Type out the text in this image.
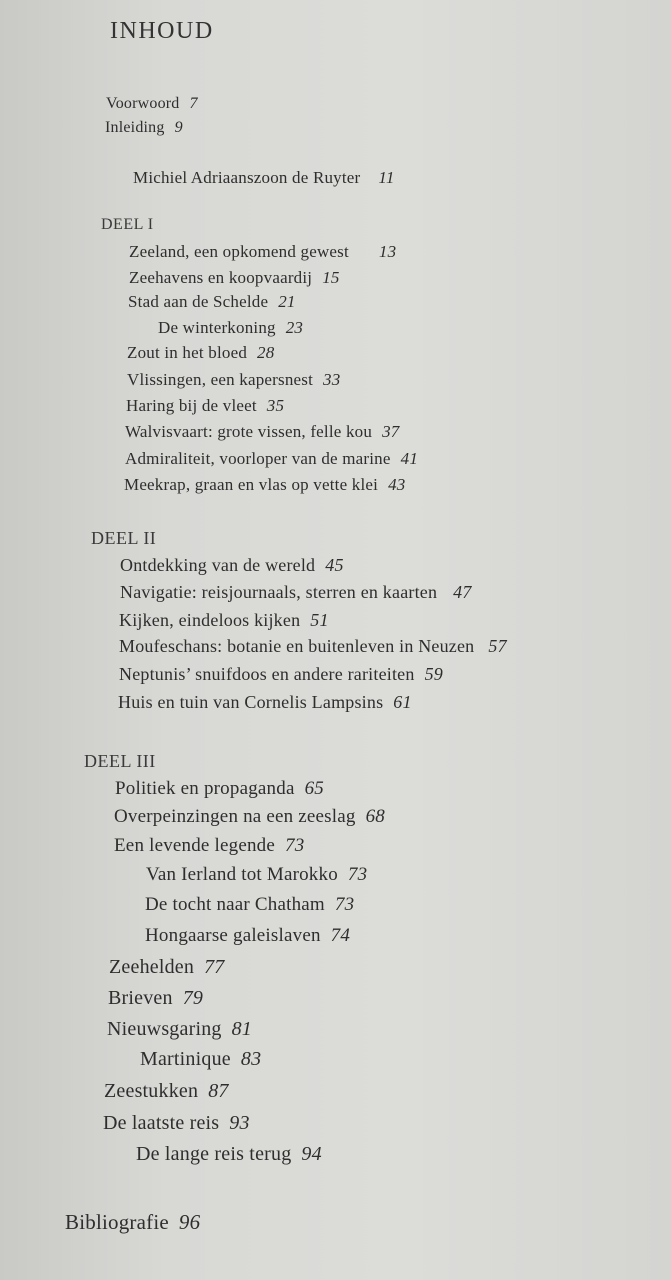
INHOUD
Voorwoord 7
Inleiding 9
Michiel Adriaanszoon de Ruyter 11
DEEL I
Zeeland, een opkomend gewest 13
Zeehavens en koopvaardij 15
Stad aan de Schelde 21
De winterkoning 23
Zout in het bloed 28
Vlissingen, een kapersnest 33
Haring bij de vleet 35
Walvisvaart: grote vissen, felle kou 37
Admiraliteit, voorloper van de marine 41
Meekrap, graan en vlas op vette klei 43
DEEL II
Ontdekking van de wereld 45
Navigatie: reisjournaals, sterren en kaarten 47
Kijken, eindeloos kijken 51
Moufeschans: botanie en buitenleven in Neuzen 57
Neptunis’ snuifdoos en andere rariteiten 59
Huis en tuin van Cornelis Lampsins 61
DEEL III
Politiek en propaganda 65
Overpeinzingen na een zeeslag 68
Een levende legende 73
Van Ierland tot Marokko 73
De tocht naar Chatham 73
Hongaarse galeislaven 74
Zeehelden 77
Brieven 79
Nieuwsgaring 81
Martinique 83
Zeestukken 87
De laatste reis 93
De lange reis terug 94
Bibliografie 96
